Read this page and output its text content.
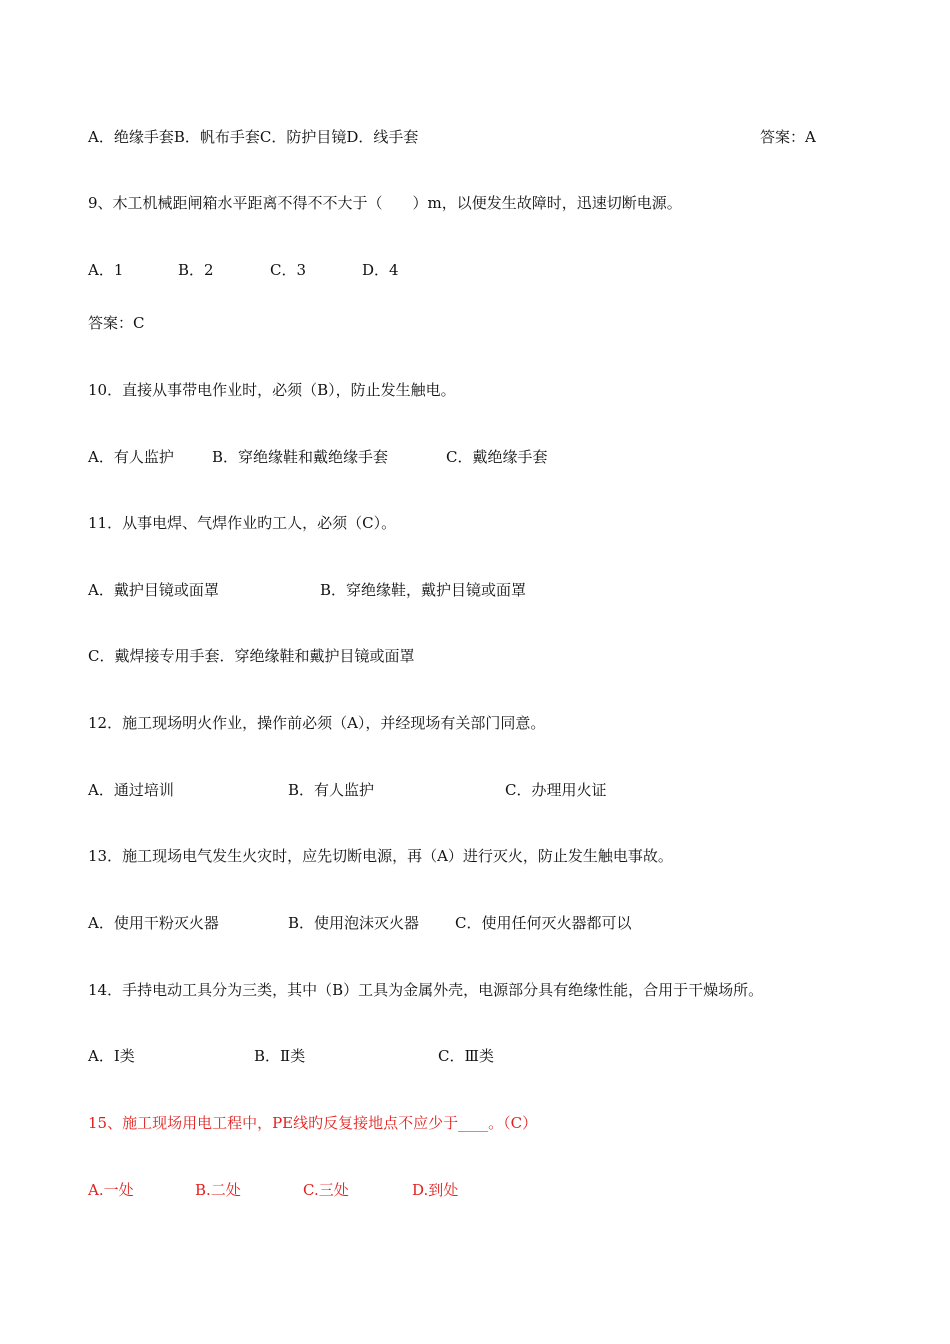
A．绝缘手套B．帆布手套C．防护目镜D．线手套	答案：A
9、木工机械距闸箱水平距离不得不不大于（　　）m，以便发生故障时，迅速切断电源。
A．1	B．2	C．3	D．4
答案：C
10．直接从事带电作业时，必须（B），防止发生触电。
A．有人监护	B．穿绝缘鞋和戴绝缘手套	C．戴绝缘手套
11．从事电焊、气焊作业旳工人，必须（C）。
A．戴护目镜或面罩	B．穿绝缘鞋，戴护目镜或面罩
C．戴焊接专用手套．穿绝缘鞋和戴护目镜或面罩
12．施工现场明火作业，操作前必须（A），并经现场有关部门同意。
A．通过培训	B．有人监护	C．办理用火证
13．施工现场电气发生火灾时，应先切断电源，再（A）进行灭火，防止发生触电事故。
A．使用干粉灭火器	B．使用泡沫灭火器 C．使用任何灭火器都可以
14．手持电动工具分为三类，其中（B）工具为金属外壳，电源部分具有绝缘性能，合用于干燥场所。
A．Ⅰ类	B．Ⅱ类	C．Ⅲ类
15、施工现场用电工程中，PE线旳反复接地点不应少于____。（C）
A.一处	B.二处	C.三处	D.到处
